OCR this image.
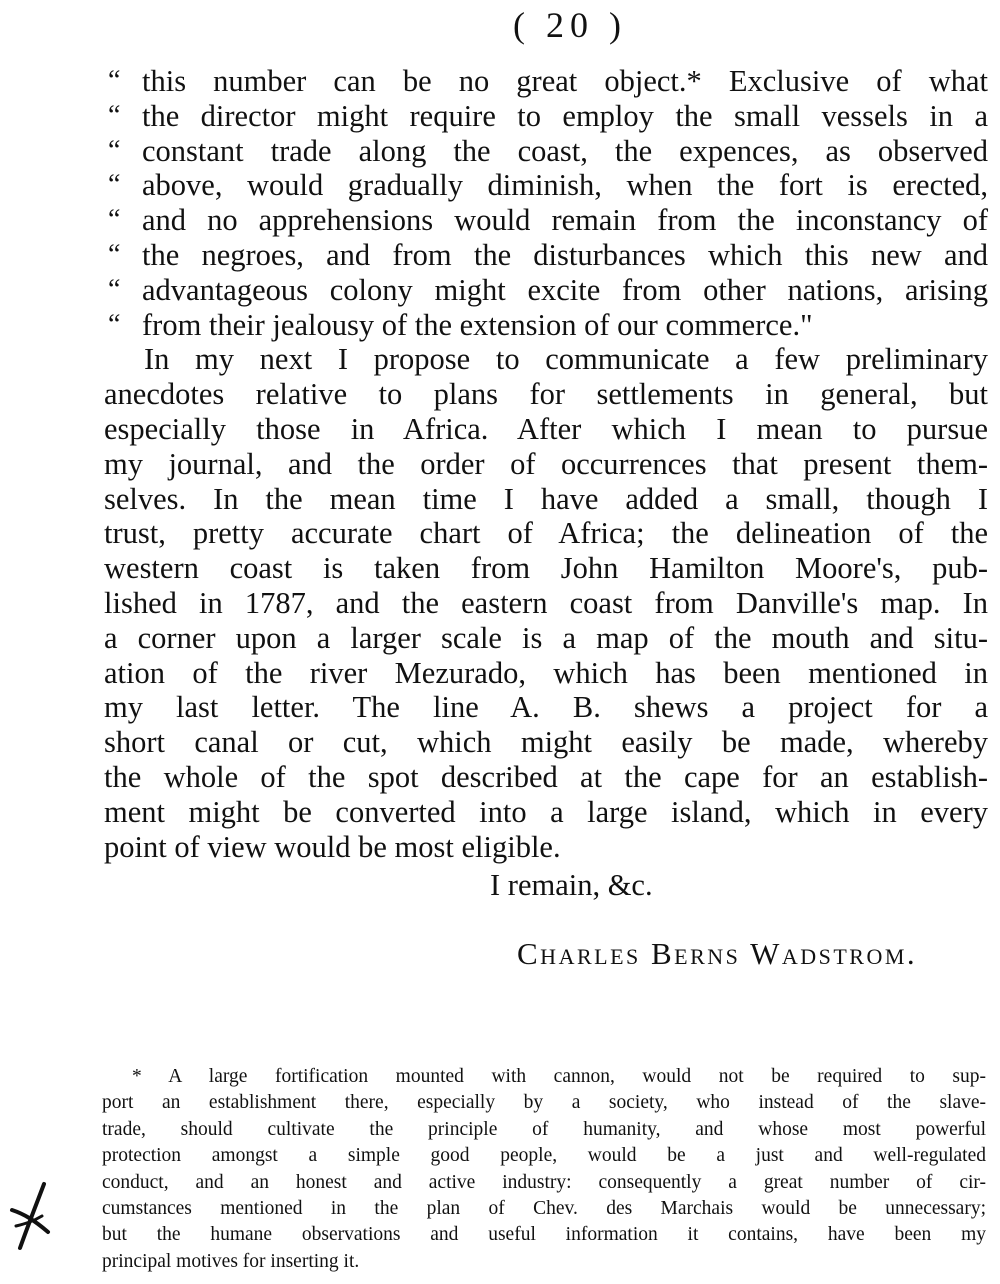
( 20 )
“ this number can be no great object.* Exclusive of what
“ the director might require to employ the small vessels in a
“ constant trade along the coast, the expences, as observed
“ above, would gradually diminish, when the fort is erected,
“ and no apprehensions would remain from the inconstancy of
“ the negroes, and from the disturbances which this new and
“ advantageous colony might excite from other nations, arising
“ from their jealousy of the extension of our commerce."
In my next I propose to communicate a few preliminary
anecdotes relative to plans for settlements in general, but
especially those in Africa. After which I mean to pursue
my journal, and the order of occurrences that present them-
selves. In the mean time I have added a small, though I
trust, pretty accurate chart of Africa; the delineation of the
western coast is taken from John Hamilton Moore's, pub-
lished in 1787, and the eastern coast from Danville's map. In
a corner upon a larger scale is a map of the mouth and situ-
ation of the river Mezurado, which has been mentioned in
my last letter. The line A. B. shews a project for a
short canal or cut, which might easily be made, whereby
the whole of the spot described at the cape for an establish-
ment might be converted into a large island, which in every
point of view would be most eligible.
I remain, &c.
Charles Berns Wadstrom.
* A large fortification mounted with cannon, would not be required to sup-
port an establishment there, especially by a society, who instead of the slave-
trade, should cultivate the principle of humanity, and whose most powerful
protection amongst a simple good people, would be a just and well-regulated
conduct, and an honest and active industry: consequently a great number of cir-
cumstances mentioned in the plan of Chev. des Marchais would be unnecessary;
but the humane observations and useful information it contains, have been my
principal motives for inserting it.
